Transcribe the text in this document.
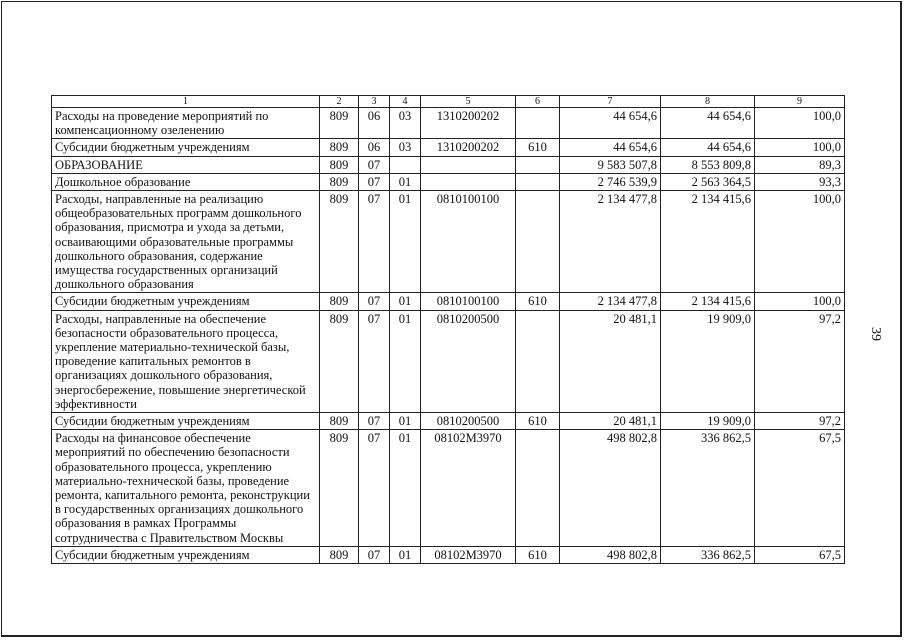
39
1	2	3	4	5	6	7	8	9
Расходы на проведение мероприятий по компенсационному озеленению	809	06	03	1310200202		44 654,6	44 654,6	100,0
Субсидии бюджетным учреждениям	809	06	03	1310200202	610	44 654,6	44 654,6	100,0
ОБРАЗОВАНИЕ	809	07				9 583 507,8	8 553 809,8	89,3
Дошкольное образование	809	07	01			2 746 539,9	2 563 364,5	93,3
Расходы, направленные на реализацию общеобразовательных программ дошкольного образования, присмотра и ухода за детьми, осваивающими образовательные программы дошкольного образования, содержание имущества государственных организаций дошкольного образования	809	07	01	0810100100		2 134 477,8	2 134 415,6	100,0
Субсидии бюджетным учреждениям	809	07	01	0810100100	610	2 134 477,8	2 134 415,6	100,0
Расходы, направленные на обеспечение безопасности образовательного процесса, укрепление материально-технической базы, проведение капитальных ремонтов в организациях дошкольного образования, энергосбережение, повышение энергетической эффективности	809	07	01	0810200500		20 481,1	19 909,0	97,2
Субсидии бюджетным учреждениям	809	07	01	0810200500	610	20 481,1	19 909,0	97,2
Расходы на финансовое обеспечение мероприятий по обеспечению безопасности образовательного процесса, укреплению материально-технической базы, проведение ремонта, капитального ремонта, реконструкции в государственных организациях дошкольного образования в рамках Программы сотрудничества с Правительством Москвы	809	07	01	08102М3970		498 802,8	336 862,5	67,5
Субсидии бюджетным учреждениям	809	07	01	08102М3970	610	498 802,8	336 862,5	67,5
